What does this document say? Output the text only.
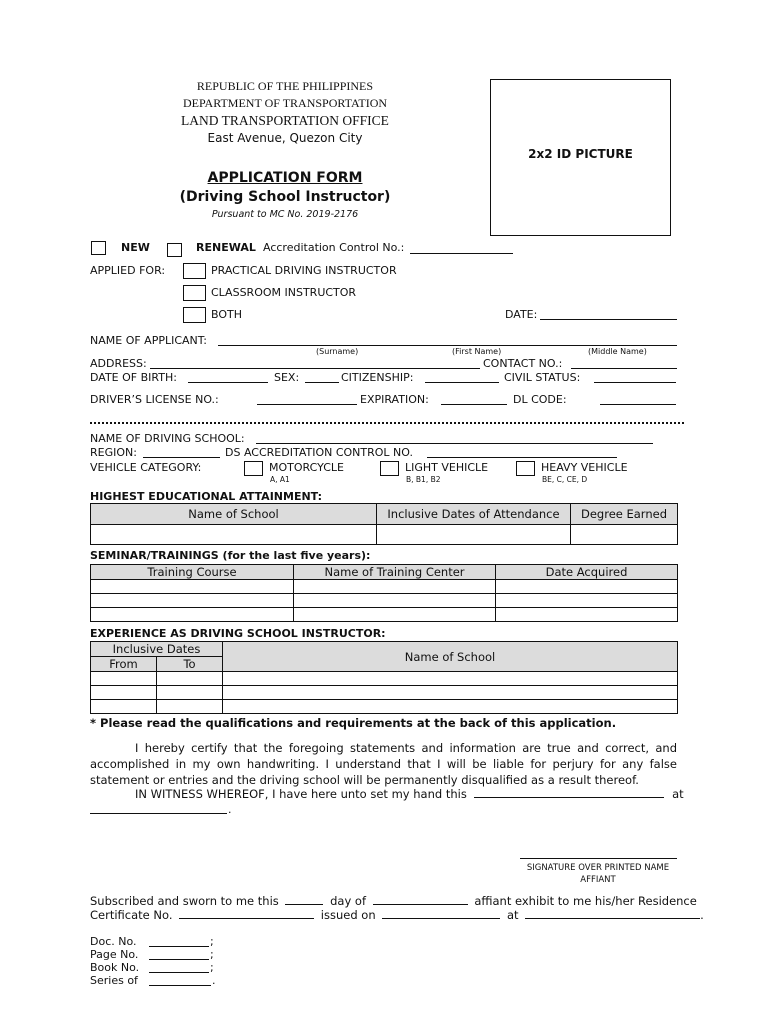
REPUBLIC OF THE PHILIPPINES
DEPARTMENT OF TRANSPORTATION
LAND TRANSPORTATION OFFICE
East Avenue, Quezon City
2x2 ID PICTURE
APPLICATION FORM
(Driving School Instructor)
Pursuant to MC No. 2019-2176
NEW	RENEWAL Accreditation Control No.:
APPLIED FOR:	PRACTICAL DRIVING INSTRUCTOR
CLASSROOM INSTRUCTOR
BOTH	DATE:
NAME OF APPLICANT:
(Surname)	(First Name)	(Middle Name)
ADDRESS:	CONTACT NO.:
DATE OF BIRTH:	SEX:	CITIZENSHIP:	CIVIL STATUS:
DRIVER’S LICENSE NO.:	EXPIRATION:	DL CODE:
NAME OF DRIVING SCHOOL:
REGION:	DS ACCREDITATION CONTROL NO.
VEHICLE CATEGORY:	MOTORCYCLE
A, A1
LIGHT VEHICLE
B, B1, B2
HEAVY VEHICLE
BE, C, CE, D
HIGHEST EDUCATIONAL ATTAINMENT:
Name of School	Inclusive Dates of Attendance	Degree Earned

SEMINAR/TRAININGS (for the last five years):
Training Course	Name of Training Center	Date Acquired

EXPERIENCE AS DRIVING SCHOOL INSTRUCTOR:
Inclusive Dates		Name of School
From	To	

* Please read the qualifications and requirements at the back of this application.
I hereby certify that the foregoing statements and information are true and correct, and accomplished in my own handwriting. I understand that I will be liable for perjury for any false statement or entries and the driving school will be permanently disqualified as a result thereof.
IN WITNESS WHEREOF, I have here unto set my hand this	at
.
SIGNATURE OVER PRINTED NAME
AFFIANT
Subscribed and sworn to me this	day of	affiant exhibit to me his/her Residence
Certificate No.	issued on	at	.
Doc. No.	;
Page No.	;
Book No.	;
Series of	.
